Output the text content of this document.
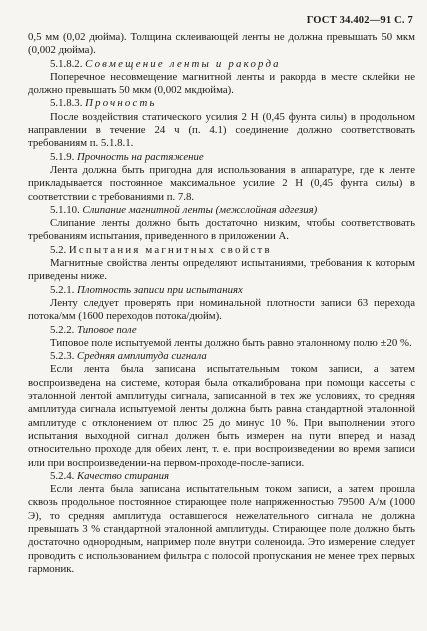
ГОСТ 34.402—91 С. 7

0,5 мм (0,02 дюйма). Толщина склеивающей ленты не должна превышать 50 мкм (0,002 дюйма).

5.1.8.2. Совмещение ленты и ракорда

Поперечное несовмещение магнитной ленты и ракорда в месте склейки не должно превышать 50 мкм (0,002 мкдюйма).

5.1.8.3. Прочность

После воздействия статического усилия 2 Н (0,45 фунта силы) в продольном направлении в течение 24 ч (п. 4.1) соединение должно соответствовать требованиям п. 5.1.8.1.

5.1.9. Прочность на растяжение

Лента должна быть пригодна для использования в аппаратуре, где к ленте прикладывается постоянное максимальное усилие 2 Н (0,45 фунта силы) в соответствии с требованиями п. 7.8.

5.1.10. Слипание магнитной ленты (межслойная адгезия)

Слипание ленты должно быть достаточно низким, чтобы соответствовать требованиям испытания, приведенного в приложении А.

5.2. Испытания магнитных свойств

Магнитные свойства ленты определяют испытаниями, требования к которым приведены ниже.

5.2.1. Плотность записи при испытаниях

Ленту следует проверять при номинальной плотности записи 63 перехода потока/мм (1600 переходов потока/дюйм).

5.2.2. Типовое поле

Типовое поле испытуемой ленты должно быть равно эталонному полю ±20 %.

5.2.3. Средняя амплитуда сигнала

Если лента была записана испытательным током записи, а затем воспроизведена на системе, которая была откалибрована при помощи кассеты с эталонной лентой амплитуды сигнала, записанной в тех же условиях, то средняя амплитуда сигнала испытуемой ленты должна быть равна стандартной эталонной амплитуде с отклонением от плюс 25 до минус 10 %. При выполнении этого испытания выходной сигнал должен быть измерен на пути вперед и назад относительно проходе для обеих лент, т. е. при воспроизведении во время записи или при воспроизведении-на первом-проходе-после-записи.

5.2.4. Качество стирания

Если лента была записана испытательным током записи, а затем прошла сквозь продольное постоянное стирающее поле напряженностью 79500 А/м (1000 Э), то средняя амплитуда оставшегося нежелательного сигнала не должна превышать 3 % стандартной эталонной амплитуды. Стирающее поле должно быть достаточно однородным, например поле внутри соленоида. Это измерение следует проводить с использованием фильтра с полосой пропускания не менее трех первых гармоник.
